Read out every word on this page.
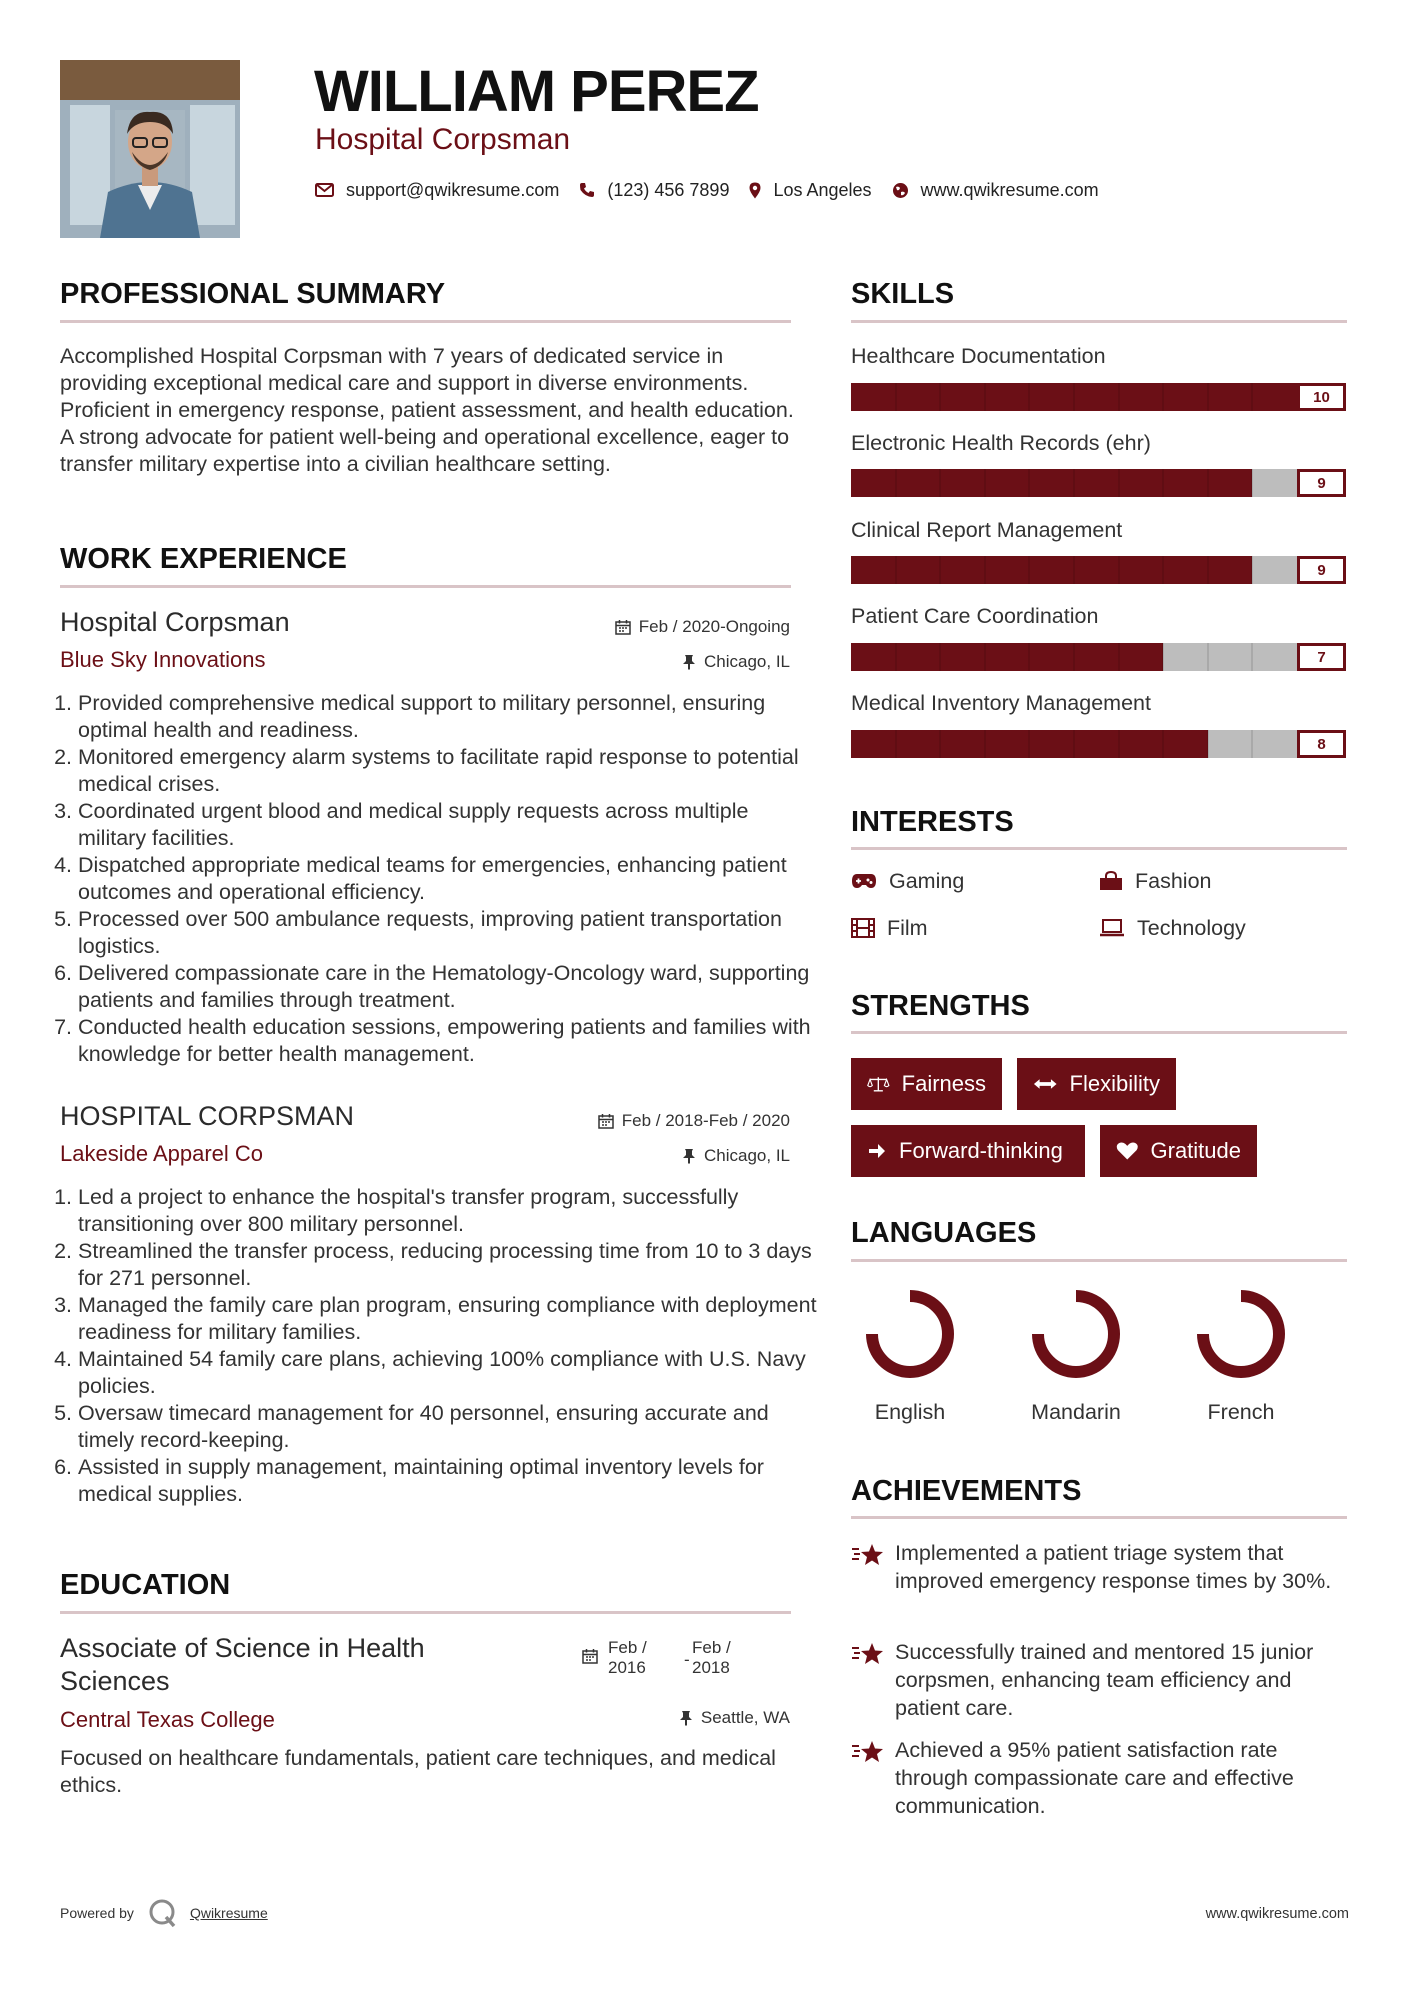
WILLIAM PEREZ
Hospital Corpsman
support@qwikresume.com	(123) 456 7899 Los Angeles	www.qwikresume.com
PROFESSIONAL SUMMARY
Accomplished Hospital Corpsman with 7 years of dedicated service in providing exceptional medical care and support in diverse environments. Proficient in emergency response, patient assessment, and health education. A strong advocate for patient well-being and operational excellence, eager to transfer military expertise into a civilian healthcare setting.
WORK EXPERIENCE
Hospital Corpsman	Feb / 2020-Ongoing
Blue Sky Innovations	Chicago, IL
1. Provided comprehensive medical support to military personnel, ensuring optimal health and readiness.
2. Monitored emergency alarm systems to facilitate rapid response to potential medical crises.
3. Coordinated urgent blood and medical supply requests across multiple military facilities.
4. Dispatched appropriate medical teams for emergencies, enhancing patient outcomes and operational efficiency.
5. Processed over 500 ambulance requests, improving patient transportation logistics.
6. Delivered compassionate care in the Hematology-Oncology ward, supporting patients and families through treatment.
7. Conducted health education sessions, empowering patients and families with knowledge for better health management.
HOSPITAL CORPSMAN	Feb / 2018-Feb / 2020
Lakeside Apparel Co	Chicago, IL
1. Led a project to enhance the hospital's transfer program, successfully transitioning over 800 military personnel.
2. Streamlined the transfer process, reducing processing time from 10 to 3 days for 271 personnel.
3. Managed the family care plan program, ensuring compliance with deployment readiness for military families.
4. Maintained 54 family care plans, achieving 100% compliance with U.S. Navy policies.
5. Oversaw timecard management for 40 personnel, ensuring accurate and timely record-keeping.
6. Assisted in supply management, maintaining optimal inventory levels for medical supplies.
EDUCATION
Associate of Science in Health Sciences
Feb /
2016	-
Feb /
2018
Central Texas College	Seattle, WA
Focused on healthcare fundamentals, patient care techniques, and medical ethics.
SKILLS
Healthcare Documentation
10
Electronic Health Records (ehr)
9
Clinical Report Management
9
Patient Care Coordination
7
Medical Inventory Management
8
INTERESTS
Gaming	Fashion
Film	Technology
STRENGTHS
Fairness	Flexibility
Forward-thinking	Gratitude
LANGUAGES
English	Mandarin	French
ACHIEVEMENTS
Implemented a patient triage system that improved emergency response times by 30%.
Successfully trained and mentored 15 junior corpsmen, enhancing team efficiency and patient care.
Achieved a 95% patient satisfaction rate through compassionate care and effective communication.
Powered by	Qwikresume	www.qwikresume.com
